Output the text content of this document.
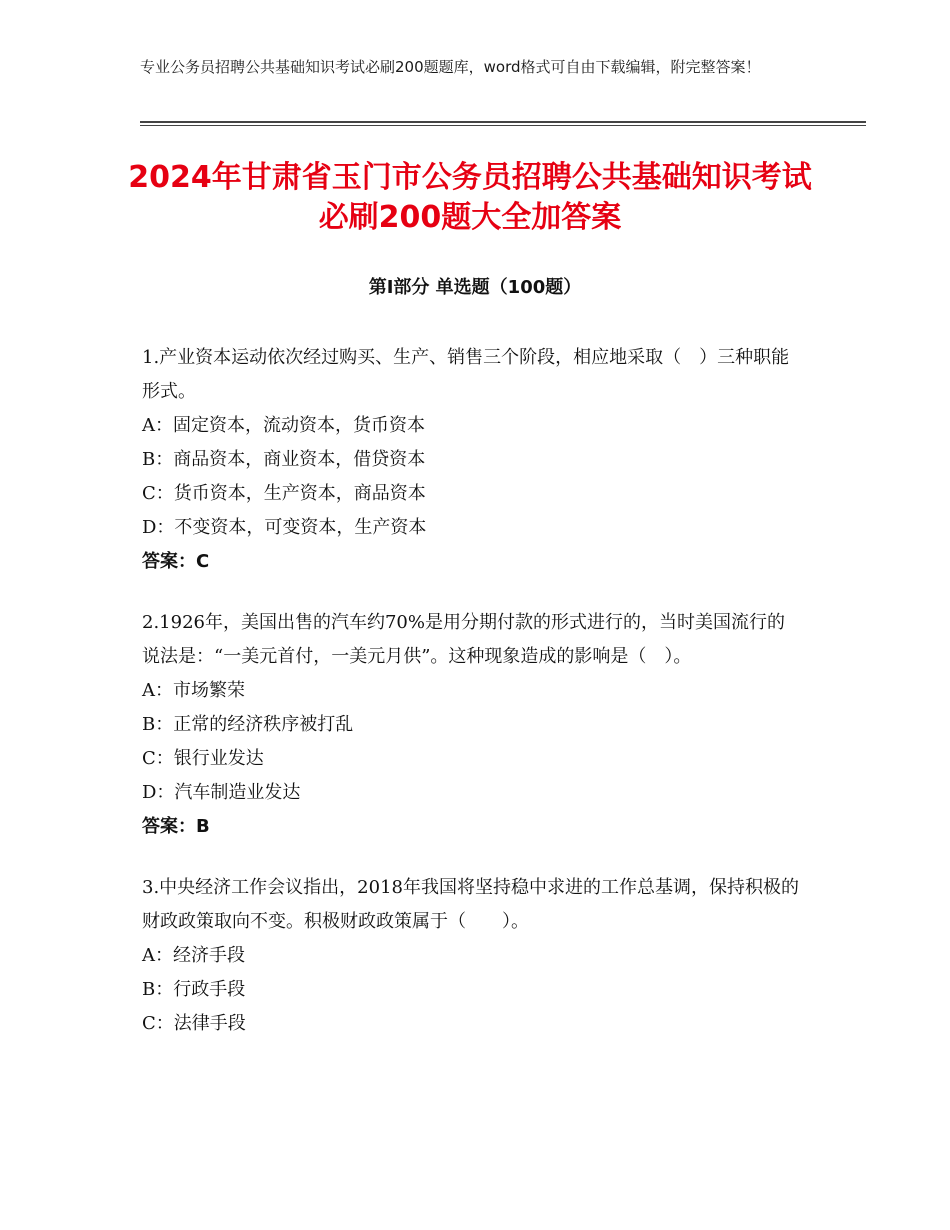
专业公务员招聘公共基础知识考试必刷200题题库，word格式可自由下载编辑，附完整答案！
2024年甘肃省玉门市公务员招聘公共基础知识考试必刷200题大全加答案
第Ⅰ部分 单选题（100题）
1.产业资本运动依次经过购买、生产、销售三个阶段，相应地采取（　）三种职能形式。
A：固定资本，流动资本，货币资本
B：商品资本，商业资本，借贷资本
C：货币资本，生产资本，商品资本
D：不变资本，可变资本，生产资本
答案：C
2.1926年，美国出售的汽车约70%是用分期付款的形式进行的，当时美国流行的说法是：“一美元首付，一美元月供”。这种现象造成的影响是（　）。
A：市场繁荣
B：正常的经济秩序被打乱
C：银行业发达
D：汽车制造业发达
答案：B
3.中央经济工作会议指出，2018年我国将坚持稳中求进的工作总基调，保持积极的财政政策取向不变。积极财政政策属于（　　）。
A：经济手段
B：行政手段
C：法律手段
